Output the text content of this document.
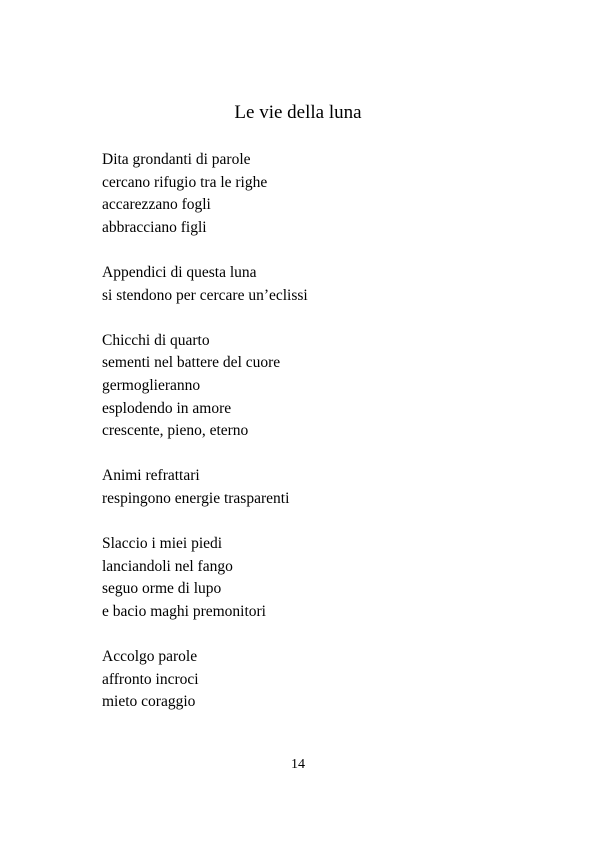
Le vie della luna
Dita grondanti di parole
cercano rifugio tra le righe
accarezzano fogli
abbracciano figli
Appendici di questa luna
si stendono per cercare un’eclissi
Chicchi di quarto
sementi nel battere del cuore
germoglieranno
esplodendo in amore
crescente, pieno, eterno
Animi refrattari
respingono energie trasparenti
Slaccio i miei piedi
lanciandoli nel fango
seguo orme di lupo
e bacio maghi premonitori
Accolgo parole
affronto incroci
mieto coraggio
14
